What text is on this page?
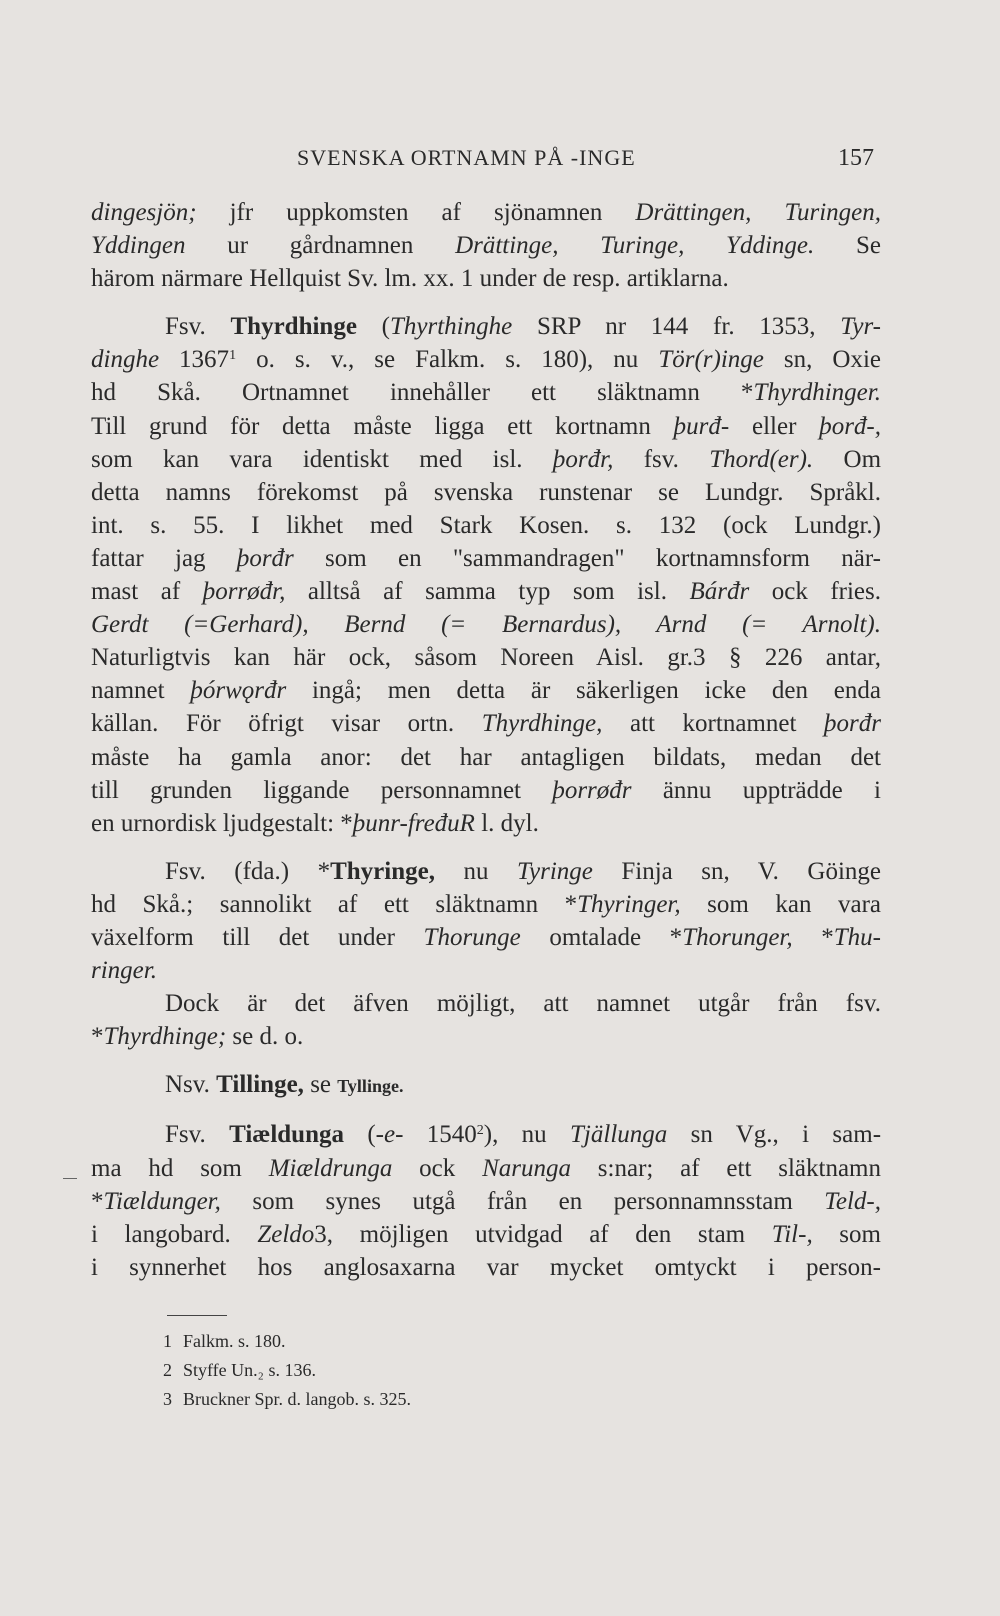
SVENSKA ORTNAMN PÅ -INGE	157
dingesjön; jfr uppkomsten af sjönamnen Drättingen, Turingen,
Yddingen ur gårdnamnen Drättinge, Turinge, Yddinge. Se
härom närmare Hellquist Sv. lm. xx. 1 under de resp. artiklarna.
Fsv. Thyrdhinge (Thyrthinghe SRP nr 144 fr. 1353, Tyr-
dinghe 1367$^1$ o. s. v., se Falkm. s. 180), nu Tör(r)inge sn, Oxie
hd Skå. Ortnamnet innehåller ett släktnamn *Thyrdhinger.
Till grund för detta måste ligga ett kortnamn þurđ- eller þorđ-,
som kan vara identiskt med isl. þorđr, fsv. Thord(er). Om
detta namns förekomst på svenska runstenar se Lundgr. Språkl.
int. s. 55. I likhet med Stark Kosen. s. 132 (ock Lundgr.)
fattar jag þorđr som en "sammandragen" kortnamnsform när-
mast af þorrøđr, alltså af samma typ som isl. Bárđr ock fries.
Gerdt (=Gerhard), Bernd (= Bernardus), Arnd (= Arnolt).
Naturligtvis kan här ock, såsom Noreen Aisl. gr.3 § 226 antar,
namnet þórwǫrđr ingå; men detta är säkerligen icke den enda
källan. För öfrigt visar ortn. Thyrdhinge, att kortnamnet þorđr
måste ha gamla anor: det har antagligen bildats, medan det
till grunden liggande personnamnet þorrøđr ännu uppträdde i
en urnordisk ljudgestalt: *þunr-fređuR l. dyl.
Fsv. (fda.) *Thyringe, nu Tyringe Finja sn, V. Göinge
hd Skå.; sannolikt af ett släktnamn *Thyringer, som kan vara
växelform till det under Thorunge omtalade *Thorunger, *Thu-
ringer.
Dock är det äfven möjligt, att namnet utgår från fsv.
*Thyrdhinge; se d. o.
Nsv. Tillinge, se Tyllinge.
Fsv. Tiældunga (-e- 1540$^2$), nu Tjällunga sn Vg., i sam-
ma hd som Miældrunga ock Narunga s:nar; af ett släktnamn
*Tiældunger, som synes utgå från en personnamnsstam Teld-,
i langobard. Zeldo3, möjligen utvidgad af den stam Til-, som
i synnerhet hos anglosaxarna var mycket omtyckt i person-
1 Falkm. s. 180.
2 Styffe Un.₂ s. 136.
3 Bruckner Spr. d. langob. s. 325.
